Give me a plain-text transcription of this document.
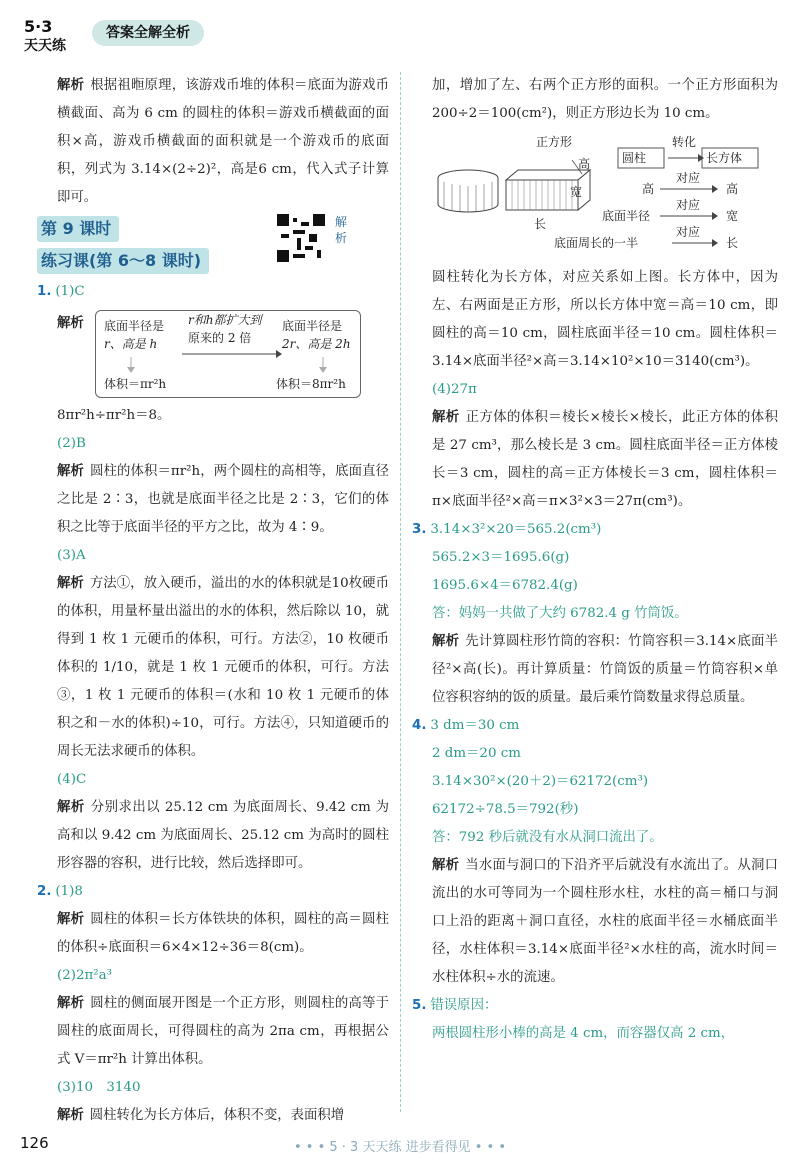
5·3
天天练
答案全解全析

解析 根据祖暅原理，该游戏币堆的体积＝底面为游戏币横截面、高为 6 cm 的圆柱的体积＝游戏币横截面的面积×高，游戏币横截面的面积就是一个游戏币的底面积，列式为 3.14×(2÷2)²，高是6 cm，代入式子计算即可。

第 9 课时
练习课(第 6～8 课时)

1. (1)C

解析 底面半径是
r、高是 h
r和h都扩大到
原来的 2 倍
底面半径是
2r、高是 2h
体积＝πr²h	体积＝8πr²h

8πr²h÷πr²h＝8。

(2)B

解析 圆柱的体积＝πr²h，两个圆柱的高相等，底面直径之比是 2∶3，也就是底面半径之比是 2∶3，它们的体积之比等于底面半径的平方之比，故为 4∶9。

(3)A

解析 方法①，放入硬币，溢出的水的体积就是10枚硬币的体积，用量杯量出溢出的水的体积，然后除以 10，就得到 1 枚 1 元硬币的体积，可行。方法②，10 枚硬币体积的 1/10，就是 1 枚 1 元硬币的体积，可行。方法③，1 枚 1 元硬币的体积＝(水和 10 枚 1 元硬币的体积之和－水的体积)÷10，可行。方法④，只知道硬币的周长无法求硬币的体积。

(4)C

解析 分别求出以 25.12 cm 为底面周长、9.42 cm 为高和以 9.42 cm 为底面周长、25.12 cm 为高时的圆柱形容器的容积，进行比较，然后选择即可。

2. (1)8

解析 圆柱的体积＝长方体铁块的体积，圆柱的高＝圆柱的体积÷底面积＝6×4×12÷36＝8(cm)。

(2)2π²a³

解析 圆柱的侧面展开图是一个正方形，则圆柱的高等于圆柱的底面周长，可得圆柱的高为 2πa cm，再根据公式 V＝πr²h 计算出体积。

(3)10　3140

解析 圆柱转化为长方体后，体积不变，表面积增

解析

加，增加了左、右两个正方形的面积。一个正方形面积为 200÷2＝100(cm²)，则正方形边长为 10 cm。

正方形
高
宽
长
圆柱
转化
长方体
高
对应
高
底面半径
对应
宽
底面周长的一半
对应
长

圆柱转化为长方体，对应关系如上图。长方体中，因为左、右两面是正方形，所以长方体中宽＝高＝10 cm，即圆柱的高＝10 cm，圆柱底面半径＝10 cm。圆柱体积＝3.14×底面半径²×高＝3.14×10²×10＝3140(cm³)。

(4)27π

解析 正方体的体积＝棱长×棱长×棱长，此正方体的体积是 27 cm³，那么棱长是 3 cm。圆柱底面半径＝正方体棱长＝3 cm，圆柱的高＝正方体棱长＝3 cm，圆柱体积＝π×底面半径²×高＝π×3²×3＝27π(cm³)。

3. 3.14×3²×20＝565.2(cm³)

565.2×3＝1695.6(g)

1695.6×4＝6782.4(g)

答：妈妈一共做了大约 6782.4 g 竹筒饭。

解析 先计算圆柱形竹筒的容积：竹筒容积＝3.14×底面半径²×高(长)。再计算质量：竹筒饭的质量＝竹筒容积×单位容积容纳的饭的质量。最后乘竹筒数量求得总质量。

4. 3 dm＝30 cm

2 dm＝20 cm

3.14×30²×(20＋2)＝62172(cm³)

62172÷78.5＝792(秒)

答：792 秒后就没有水从洞口流出了。

解析 当水面与洞口的下沿齐平后就没有水流出了。从洞口流出的水可等同为一个圆柱形水柱，水柱的高＝桶口与洞口上沿的距离＋洞口直径，水柱的底面半径＝水桶底面半径，水柱体积＝3.14×底面半径²×水柱的高，流水时间＝水柱体积÷水的流速。

5. 错误原因：

两根圆柱形小棒的高是 4 cm，而容器仅高 2 cm，

126	• • • 5 · 3 天天练 进步看得见 • • •
